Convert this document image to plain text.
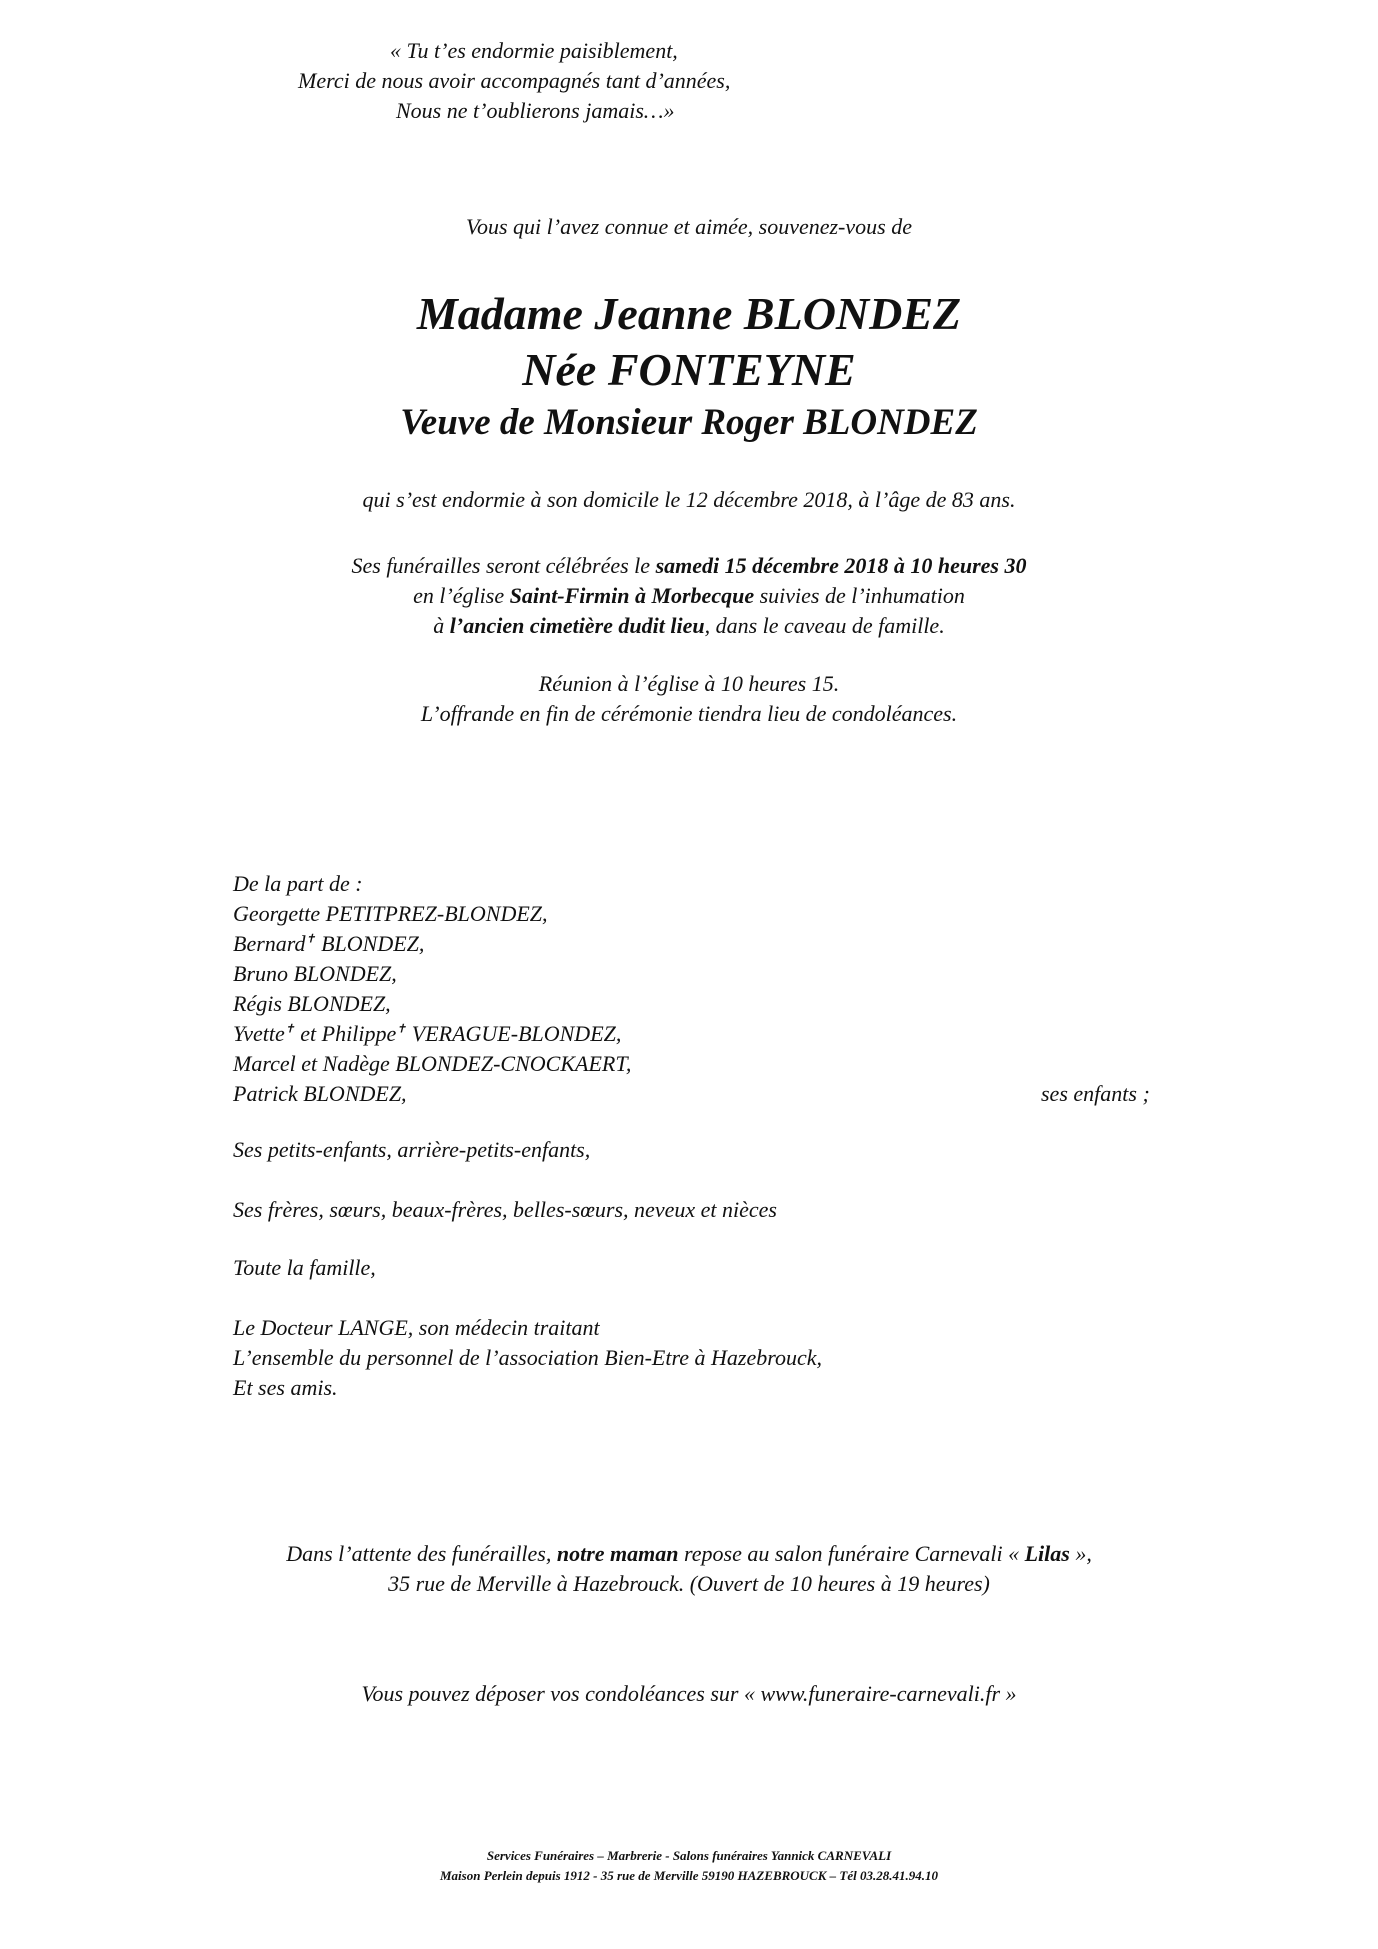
« Tu t’es endormie paisiblement,
Merci de nous avoir accompagnés tant d’années,
Nous ne t’oublierons jamais…»
Vous qui l’avez connue et aimée, souvenez-vous de
Madame Jeanne BLONDEZ
Née FONTEYNE
Veuve de Monsieur Roger BLONDEZ
qui s’est endormie à son domicile le 12 décembre 2018, à l’âge de 83 ans.
Ses funérailles seront célébrées le samedi 15 décembre 2018 à 10 heures 30
en l’église Saint-Firmin à Morbecque suivies de l’inhumation
à l’ancien cimetière dudit lieu, dans le caveau de famille.
Réunion à l’église à 10 heures 15.
L’offrande en fin de cérémonie tiendra lieu de condoléances.
De la part de :
Georgette PETITPREZ-BLONDEZ,
Bernard✝ BLONDEZ,
Bruno BLONDEZ,
Régis BLONDEZ,
Yvette✝ et Philippe✝ VERAGUE-BLONDEZ,
Marcel et Nadège BLONDEZ-CNOCKAERT,
Patrick BLONDEZ,	ses enfants ;
Ses petits-enfants, arrière-petits-enfants,
Ses frères, sœurs, beaux-frères, belles-sœurs, neveux et nièces
Toute la famille,
Le Docteur LANGE, son médecin traitant
L’ensemble du personnel de l’association Bien-Etre à Hazebrouck,
Et ses amis.
Dans l’attente des funérailles, notre maman repose au salon funéraire Carnevali « Lilas »,
35 rue de Merville à Hazebrouck. (Ouvert de 10 heures à 19 heures)
Vous pouvez déposer vos condoléances sur « www.funeraire-carnevali.fr »
Services Funéraires – Marbrerie - Salons funéraires Yannick CARNEVALI
Maison Perlein depuis 1912 - 35 rue de Merville 59190 HAZEBROUCK – Tél 03.28.41.94.10
